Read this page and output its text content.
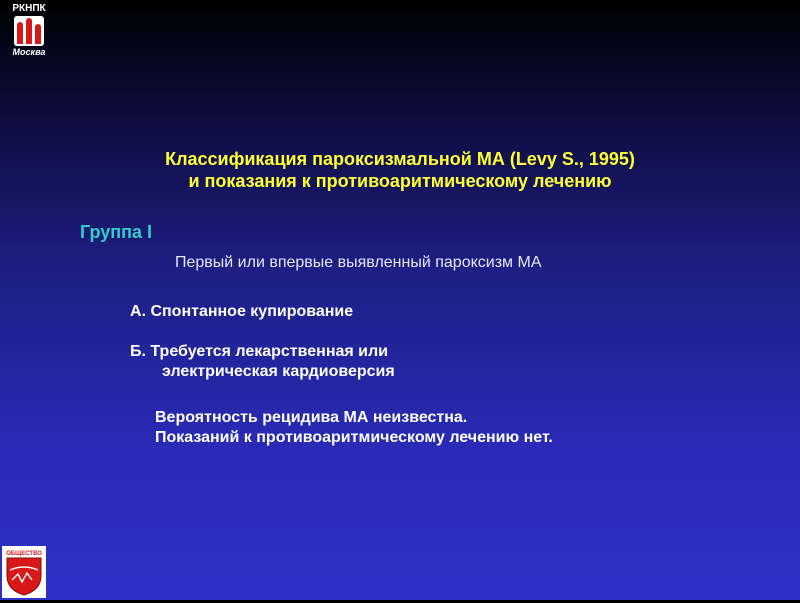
РКНПК
Москва
Классификация пароксизмальной МА (Levy S., 1995)
и показания к противоаритмическому лечению
Группа I
Первый или впервые выявленный пароксизм МА
А. Спонтанное купирование
Б. Требуется лекарственная или
электрическая кардиоверсия
Вероятность рецидива МА неизвестна.
Показаний к противоаритмическому лечению нет.
ОБЩЕСТВО
